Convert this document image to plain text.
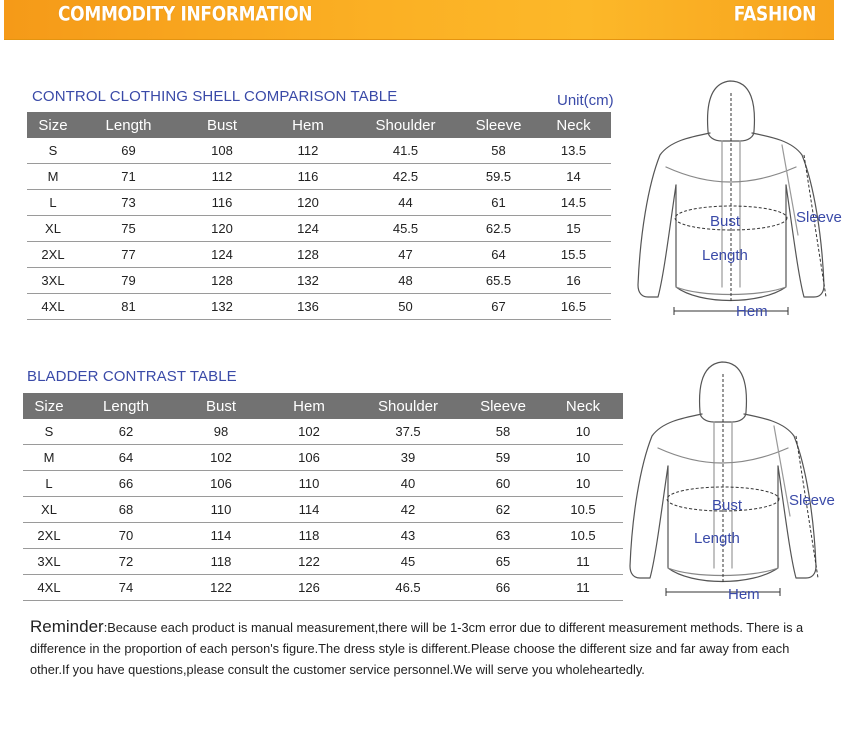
COMMODITY INFORMATION	FASHION
CONTROL CLOTHING SHELL COMPARISON TABLE	Unit(cm)
Size	Length	Bust	Hem	Shoulder	Sleeve	Neck
S	69	108	112	41.5	58	13.5
M	71	112	116	42.5	59.5	14
L	73	116	120	44	61	14.5
XL	75	120	124	45.5	62.5	15
2XL	77	124	128	47	64	15.5
3XL	79	128	132	48	65.5	16
4XL	81	132	136	50	67	16.5
BLADDER CONTRAST TABLE
Size	Length	Bust	Hem	Shoulder	Sleeve	Neck
S	62	98	102	37.5	58	10
M	64	102	106	39	59	10
L	66	106	110	40	60	10
XL	68	110	114	42	62	10.5
2XL	70	114	118	43	63	10.5
3XL	72	118	122	45	65	11
4XL	74	122	126	46.5	66	11
Bust
Length
Sleeve
Hem
Bust
Length
Sleeve
Hem
Reminder:Because each product is manual measurement,there will be 1-3cm error due to different measurement methods. There is a difference in the proportion of each person's figure.The dress style is different.Please choose the different size and far away from each other.If you have questions,please consult the customer service personnel.We will serve you wholeheartedly.
